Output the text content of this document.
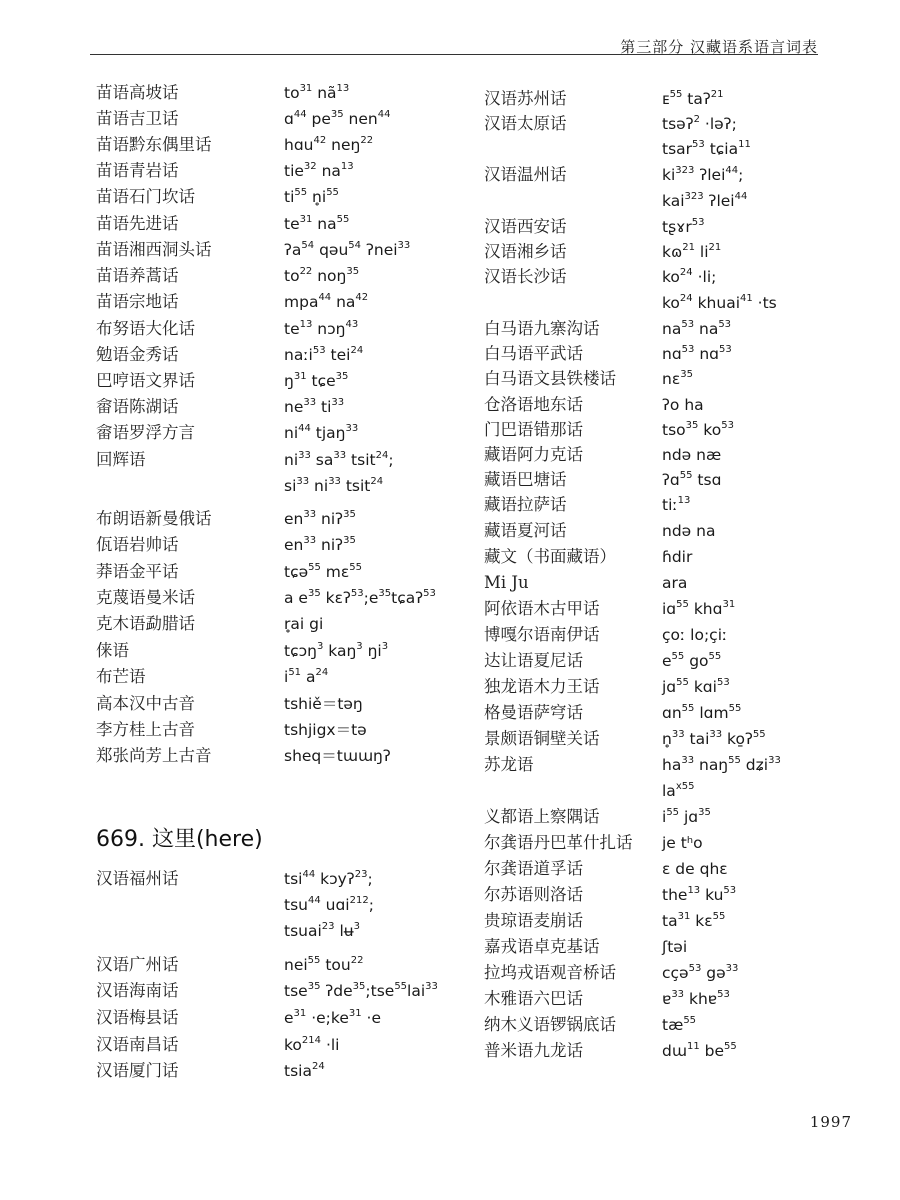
第三部分 汉藏语系语言词表
苗语高坡话	$to^{31}$ $nã^{13}$
苗语吉卫话	ɑ$^{44}$ $pe^{35}$ nen$^{44}$
苗语黔东偶里话	hɑu$^{42}$ neŋ$^{22}$
苗语青岩话	tie$^{32}$ $na^{13}$
苗语石门坎话	$ti^{55}$ $n̥i^{55}$
苗语先进话	$te^{31}$ $na^{55}$
苗语湘西洞头话	ʔa$^{54}$ qəu$^{54}$ ʔnei$^{33}$
苗语养蒿话	$to^{22}$ noŋ$^{35}$
苗语宗地话	mpa$^{44}$ $na^{42}$
布努语大化话	$te^{13}$ nɔŋ$^{43}$
勉语金秀话	naːi$^{53}$ tei$^{24}$
巴哼语文界话	$ŋ^{31}$ tɕe$^{35}$
畲语陈湖话	$ne^{33}$ $ti^{33}$
畲语罗浮方言	$ni^{44}$ tjaŋ$^{33}$
回辉语	$ni^{33}$ $sa^{33}$ tsit$^{24}$;
$si^{33}$ $ni^{33}$ tsit$^{24}$
布朗语新曼俄话	$en^{33}$ niʔ$^{35}$
佤语岩帅话	$en^{33}$ niʔ$^{35}$
莽语金平话	tɕə$^{55}$ mɛ$^{55}$
克蔑语曼米话	a $e^{35}$ $kɛʔ^{53};e^{35}tɕaʔ^{53}$
克木语勐腊话	r̥ai gi
俫语	tɕɔŋ$^3$ kaŋ$^3$ $ŋi^3$
布芒语	$i^{51}$ $a^{24}$
高本汉中古音	tshiě＝təŋ
李方桂上古音	tshjigx＝tə
郑张尚芳上古音	sheq＝tɯɯŋʔ
669. 这里(here)
汉语福州话	tsi$^{44}$ kɔyʔ$^{23}$;
tsu$^{44}$ uɑi$^{212}$;
tsuai$^{23}$ lʉ$^3$
汉语广州话	nei$^{55}$ tou$^{22}$
汉语海南话	tse$^{35}$ ʔde$^{35}$;tse$^{55}$lai$^{33}$
汉语梅县话	$e^{31}$ $\cdot e;ke^{31} \cdot e$
汉语南昌话	$ko^{214} \cdot li$
汉语厦门话	tsia$^{24}$
汉语苏州话	ᴇ$^{55}$ taʔ$^{21}$
汉语太原话	tsəʔ$^2$ ·ləʔ;
tsar$^{53}$ tɕia$^{11}$
汉语温州话	$ki^{323}$ ʔlei$^{44}$;
kai$^{323}$ ʔlei$^{44}$
汉语西安话	tʂɤr$^{53}$
汉语湘乡话	kɷ$^{21}$ $li^{21}$
汉语长沙话	$ko^{24} \cdot li$;
$ko^{24}$ khuai$^{41}$ ·ts
白马语九寨沟话	$na^{53}$ $na^{53}$
白马语平武话	nɑ$^{53}$ nɑ$^{53}$
白马语文县铁楼话	nɛ$^{35}$
仓洛语地东话	ʔo ha
门巴语错那话	tso$^{35}$ $ko^{53}$
藏语阿力克话	ndə næ
藏语巴塘话	ʔɑ$^{55}$ tsɑ
藏语拉萨话	tiː$^{13}$
藏语夏河话	ndə na
藏文（书面藏语）	ɦdir
Mi Ju	ara
阿依语木古甲话	iɑ$^{55}$ khɑ$^{31}$
博嘎尔语南伊话	çoː lo;çiː
达让语夏尼话	$e^{55}$ $go^{55}$
独龙语木力王话	jɑ$^{55}$ kɑi$^{53}$
格曼语萨穹话	ɑn$^{55}$ lɑm$^{55}$
景颇语铜壁关话	n̥$^{33}$ tai$^{33}$ ko̱ʔ$^{55}$
苏龙语	$ha^{33}$ naŋ$^{55}$ dʑi$^{33}$
$la^{x55}$
义都语上察隅话	$i^{55}$ jɑ$^{35}$
尔龚语丹巴革什扎话 je tʰo
尔龚语道孚话	ɛ de qhɛ
尔苏语则洛话	the$^{13}$ $ku^{53}$
贵琼语麦崩话	$ta^{31}$ kɛ$^{55}$
嘉戎语卓克基话	ʃtəi
拉坞戎语观音桥话	cçə$^{53}$ gə$^{33}$
木雅语六巴话	ɐ$^{33}$ khɐ$^{53}$
纳木义语锣锅底话	$tæ^{55}$
普米语九龙话	dɯ$^{11}$ $be^{55}$
1997
